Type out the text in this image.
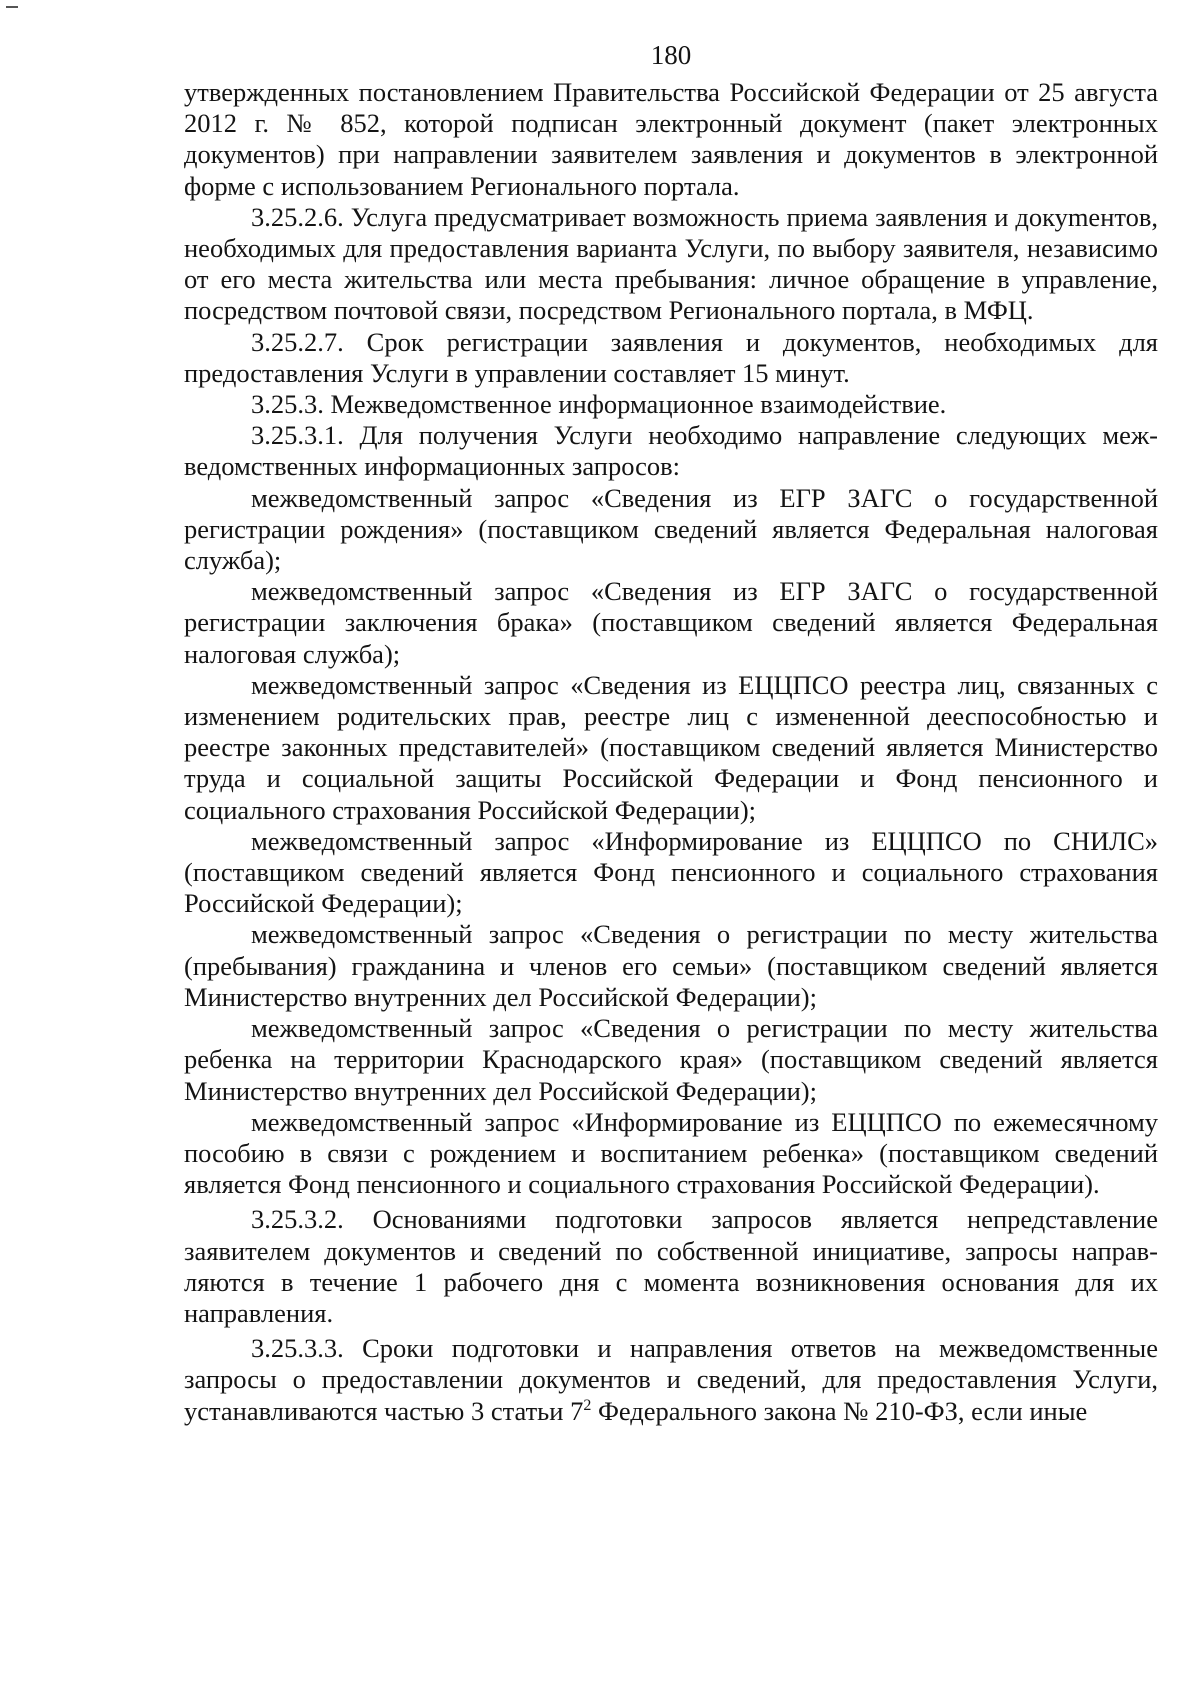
180

утвержденных постановлением Правительства Российской Федерации от 25 августа 2012 г. № 852, которой подписан электронный документ (пакет электронных документов) при направлении заявителем заявления и документов в электронной форме с использованием Регионального портала.

3.25.2.6. Услуга предусматривает возможность приема заявления и докуmентов, необходимых для предоставления варианта Услуги, по выбору заявителя, независимо от его места жительства или места пребывания: личное обращение в управление, посредством почтовой связи, посредством Регионального портала, в МФЦ.

3.25.2.7. Срок регистрации заявления и документов, необходимых для предоставления Услуги в управлении составляет 15 минут.

3.25.3. Межведомственное информационное взаимодействие.

3.25.3.1. Для получения Услуги необходимо направление следующих межведомственных информационных запросов:

межведомственный запрос «Сведения из ЕГР ЗАГС о государственной регистрации рождения» (поставщиком сведений является Федеральная налоговая служба);

межведомственный запрос «Сведения из ЕГР ЗАГС о государственной регистрации заключения брака» (поставщиком сведений является Федеральная налоговая служба);

межведомственный запрос «Сведения из ЕЦЦПСО реестра лиц, связанных с изменением родительских прав, реестре лиц с измененной дееспособностью и реестре законных представителей» (поставщиком сведений является Министерство труда и социальной защиты Российской Федерации и Фонд пенсионного и социального страхования Российской Федерации);

межведомственный запрос «Информирование из ЕЦЦПСО по СНИЛС» (поставщиком сведений является Фонд пенсионного и социального страхования Российской Федерации);

межведомственный запрос «Сведения о регистрации по месту жительства (пребывания) гражданина и членов его семьи» (поставщиком сведений является Министерство внутренних дел Российской Федерации);

межведомственный запрос «Сведения о регистрации по месту жительства ребенка на территории Краснодарского края» (поставщиком сведений является Министерство внутренних дел Российской Федерации);

межведомственный запрос «Информирование из ЕЦЦПСО по ежемесячному пособию в связи с рождением и воспитанием ребенка» (поставщиком сведений является Фонд пенсионного и социального страхования Российской Федерации).

3.25.3.2. Основаниями подготовки запросов является непредставление заявителем документов и сведений по собственной инициативе, запросы направляются в течение 1 рабочего дня с момента возникновения основания для их направления.

3.25.3.3. Сроки подготовки и направления ответов на межведомственные запросы о предоставлении документов и сведений, для предоставления Услуги, устанавливаются частью 3 статьи $7^2$ Федерального закона № 210-ФЗ, если иные
